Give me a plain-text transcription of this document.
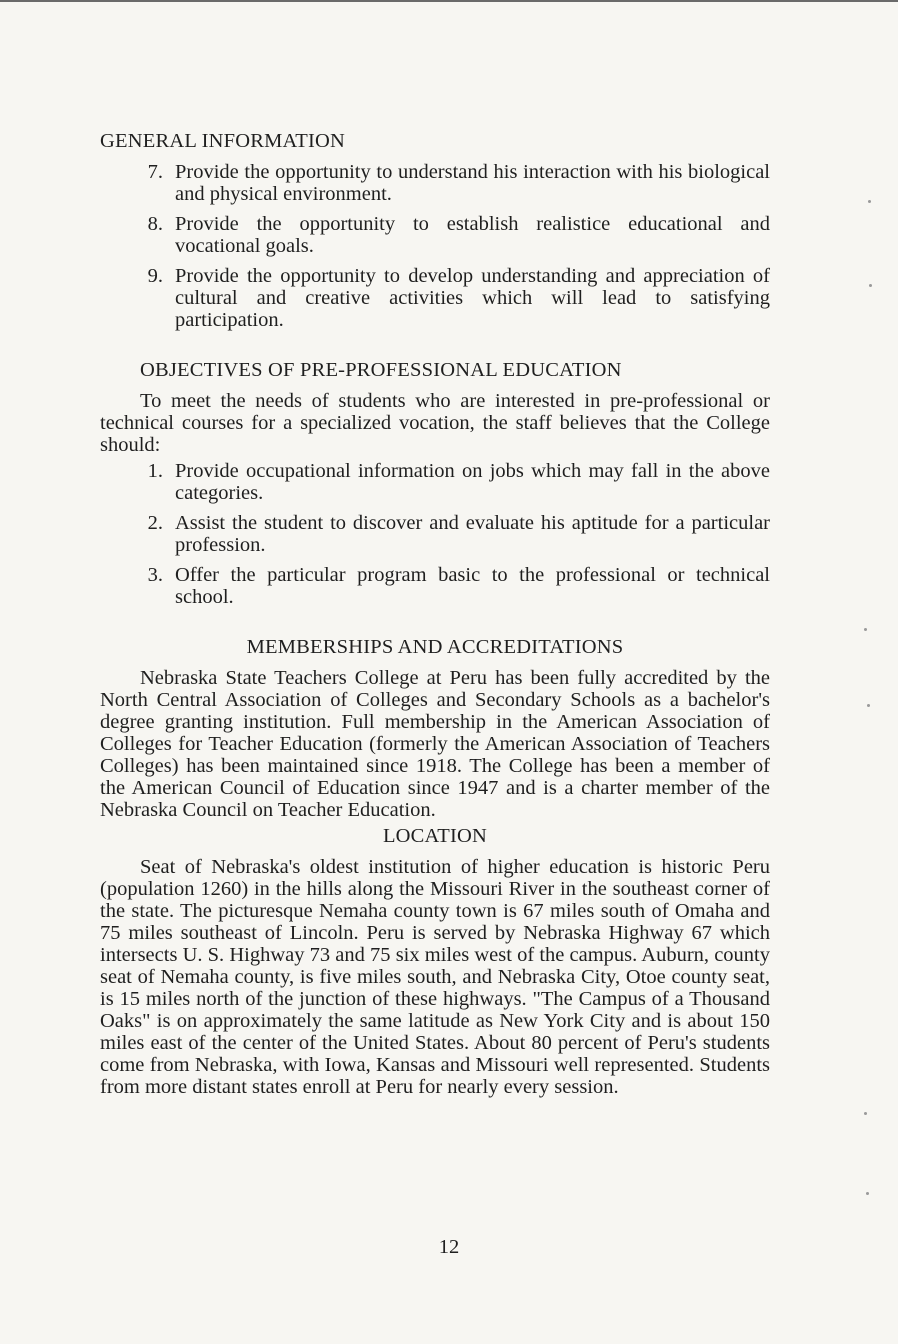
GENERAL INFORMATION
7. Provide the opportunity to understand his interaction with his biological and physical environment.
8. Provide the opportunity to establish realistice educational and vocational goals.
9. Provide the opportunity to develop understanding and appreciation of cultural and creative activities which will lead to satisfying participation.
OBJECTIVES OF PRE-PROFESSIONAL EDUCATION

To meet the needs of students who are interested in pre-professional or technical courses for a specialized vocation, the staff believes that the College should:

1. Provide occupational information on jobs which may fall in the above categories.
2. Assist the student to discover and evaluate his aptitude for a particular profession.
3. Offer the particular program basic to the professional or technical school.
MEMBERSHIPS AND ACCREDITATIONS

Nebraska State Teachers College at Peru has been fully accredited by the North Central Association of Colleges and Secondary Schools as a bachelor's degree granting institution. Full membership in the American Association of Colleges for Teacher Education (formerly the American Association of Teachers Colleges) has been maintained since 1918. The College has been a member of the American Council of Education since 1947 and is a charter member of the Nebraska Council on Teacher Education.

LOCATION

Seat of Nebraska's oldest institution of higher education is historic Peru (population 1260) in the hills along the Missouri River in the southeast corner of the state. The picturesque Nemaha county town is 67 miles south of Omaha and 75 miles southeast of Lincoln. Peru is served by Nebraska Highway 67 which intersects U. S. Highway 73 and 75 six miles west of the campus. Auburn, county seat of Nemaha county, is five miles south, and Nebraska City, Otoe county seat, is 15 miles north of the junction of these highways. "The Campus of a Thousand Oaks" is on approximately the same latitude as New York City and is about 150 miles east of the center of the United States. About 80 percent of Peru's students come from Nebraska, with Iowa, Kansas and Missouri well represented. Students from more distant states enroll at Peru for nearly every session.

12
